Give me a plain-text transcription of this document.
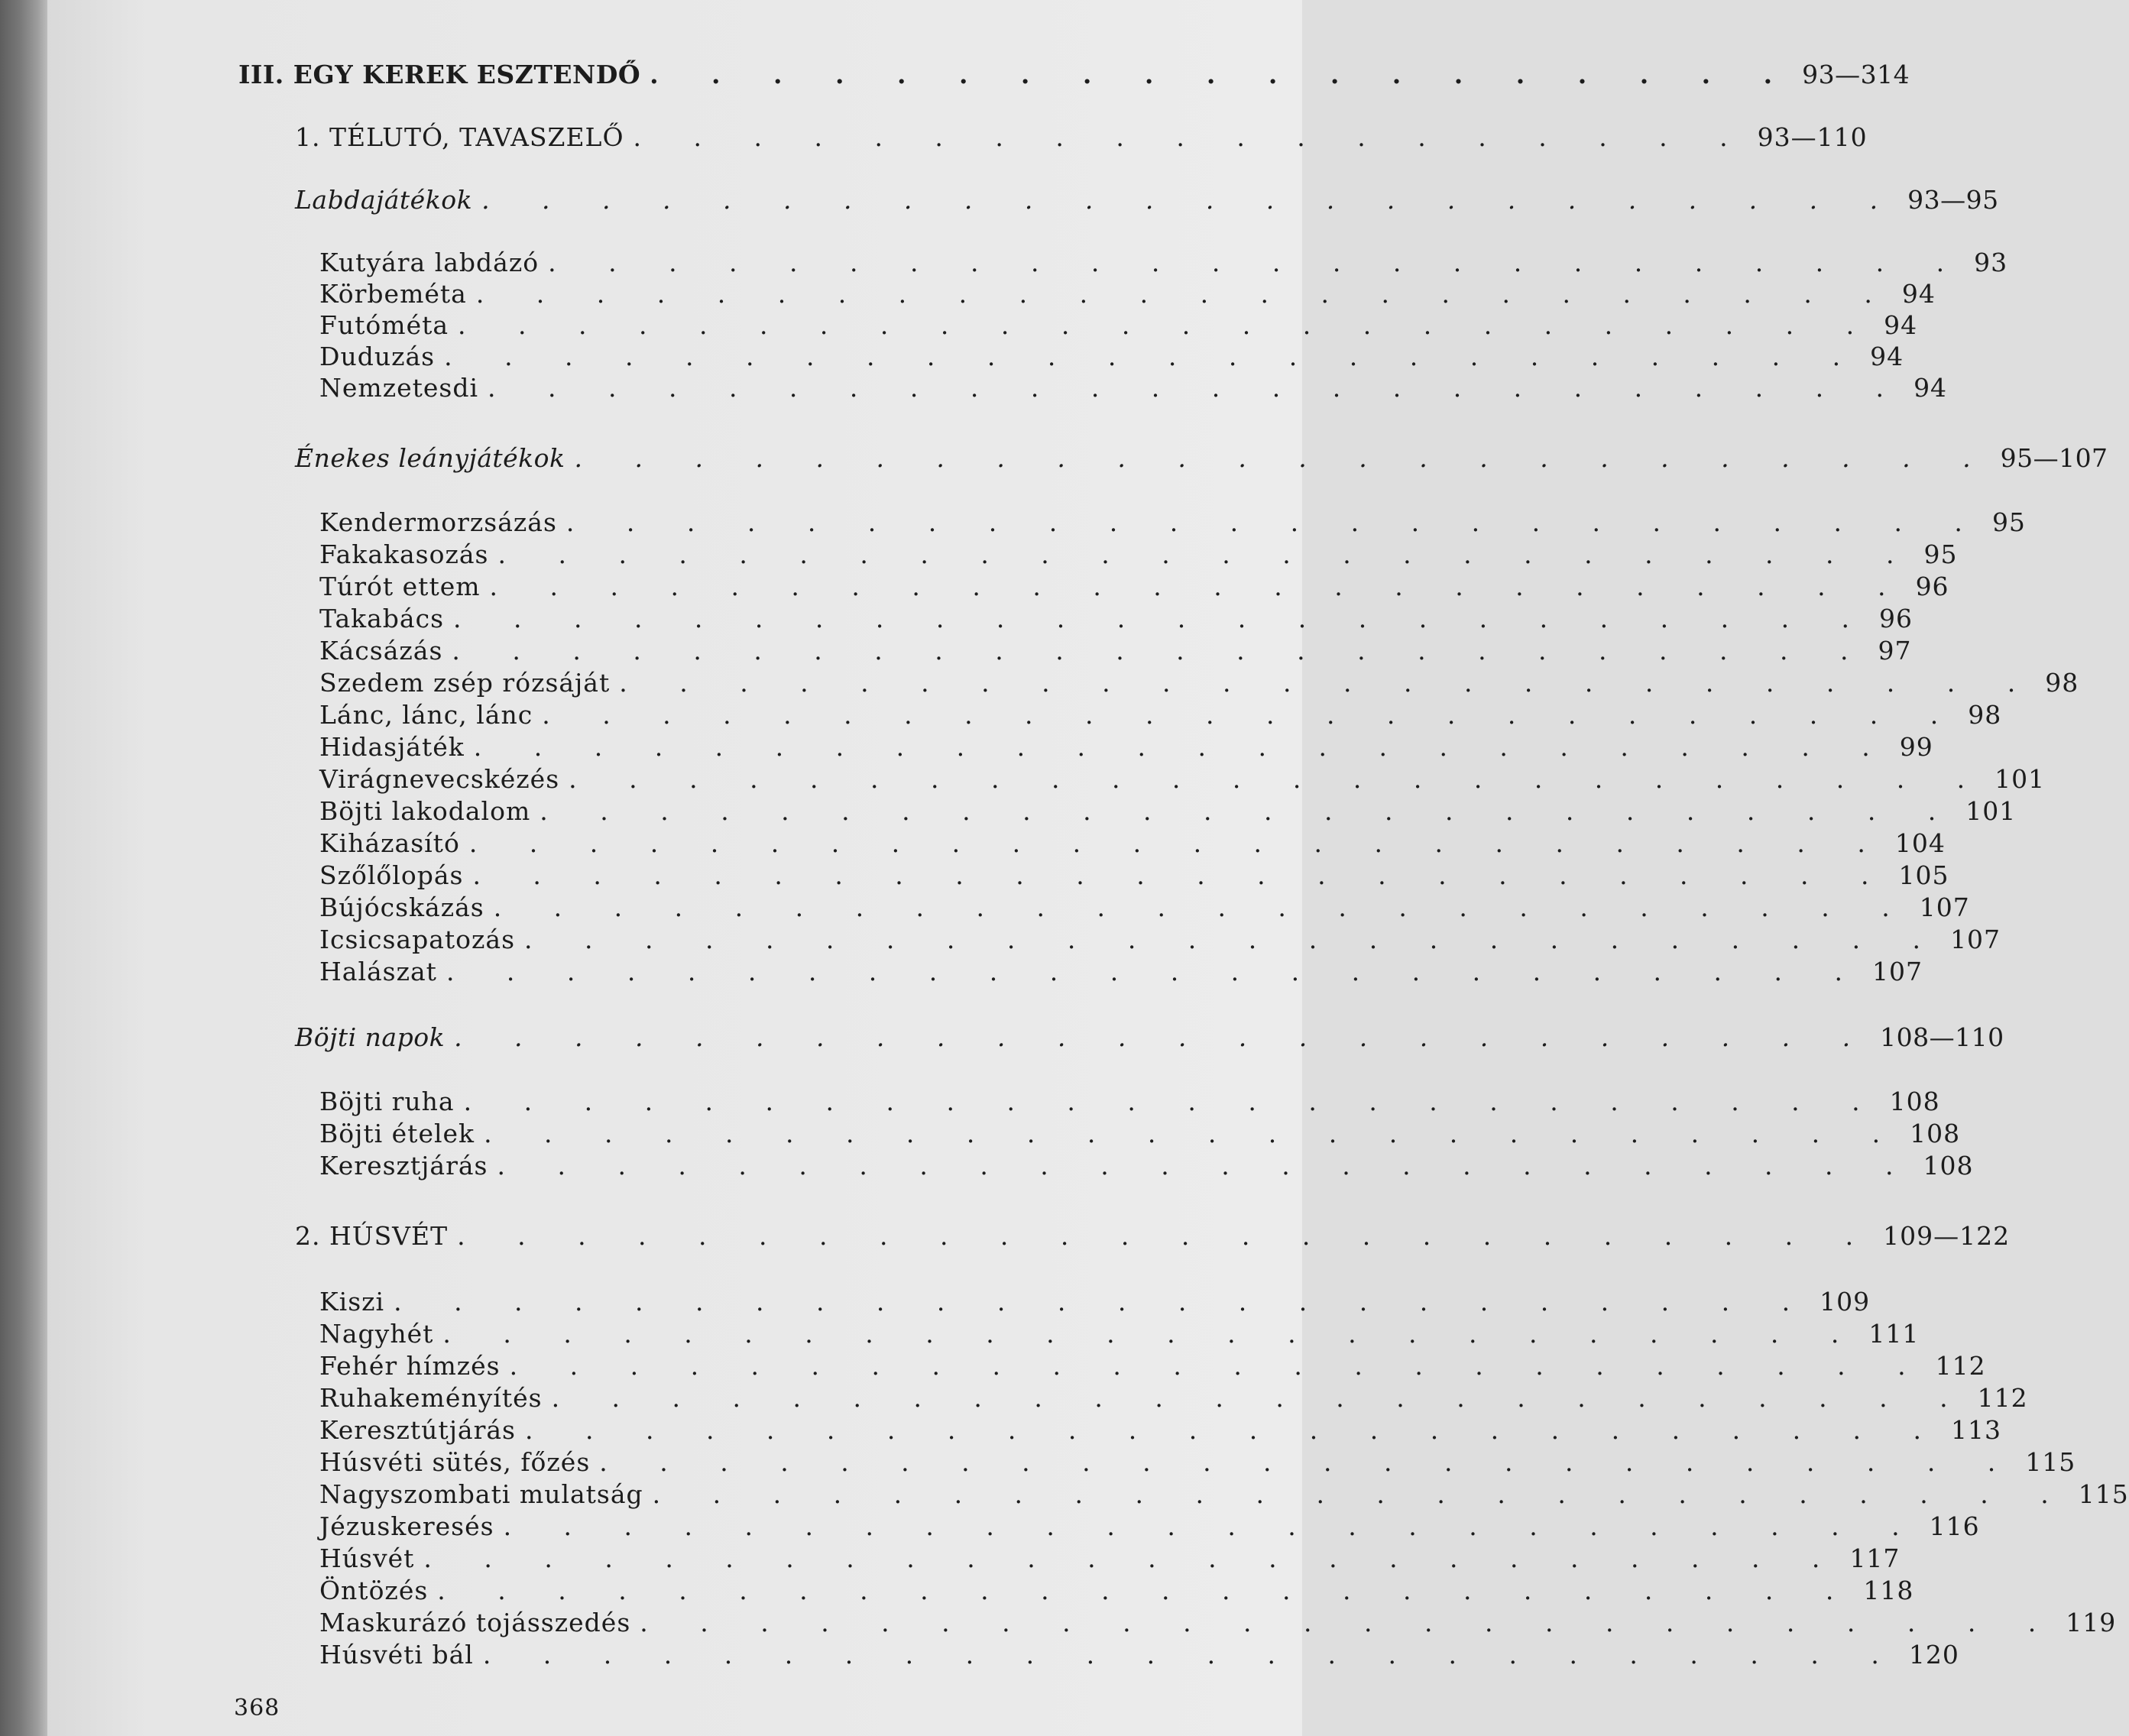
III. EGY KEREK ESZTENDŐ . . . . . . . . . . . . . . . . . . . 93—314
1. TÉLUTÓ, TAVASZELŐ . . . . . . . . . . . . . . . . . . . 93—110
Labdajátékok . . . . . . . . . . . . . . . . . . . . . . . . 93—95
Kutyára labdázó . . . . . . . . . . . . . . . . . . . . . . . . 93
Körbeméta . . . . . . . . . . . . . . . . . . . . . . . . 94
Futóméta . . . . . . . . . . . . . . . . . . . . . . . . 94
Duduzás . . . . . . . . . . . . . . . . . . . . . . . . 94
Nemzetesdi . . . . . . . . . . . . . . . . . . . . . . . . 94
Énekes leányjátékok . . . . . . . . . . . . . . . . . . . . . . . . 95—107
Kendermorzsázás . . . . . . . . . . . . . . . . . . . . . . . . 95
Fakakasozás . . . . . . . . . . . . . . . . . . . . . . . . 95
Túrót ettem . . . . . . . . . . . . . . . . . . . . . . . . 96
Takabács . . . . . . . . . . . . . . . . . . . . . . . . 96
Kácsázás . . . . . . . . . . . . . . . . . . . . . . . . 97
Szedem zsép rózsáját . . . . . . . . . . . . . . . . . . . . . . . . 98
Lánc, lánc, lánc . . . . . . . . . . . . . . . . . . . . . . . . 98
Hidasjáték . . . . . . . . . . . . . . . . . . . . . . . . 99
Virágnevecskézés . . . . . . . . . . . . . . . . . . . . . . . . 101
Böjti lakodalom . . . . . . . . . . . . . . . . . . . . . . . . 101
Kiházasító . . . . . . . . . . . . . . . . . . . . . . . . 104
Szőlőlopás . . . . . . . . . . . . . . . . . . . . . . . . 105
Bújócskázás . . . . . . . . . . . . . . . . . . . . . . . . 107
Icsicsapatozás . . . . . . . . . . . . . . . . . . . . . . . . 107
Halászat . . . . . . . . . . . . . . . . . . . . . . . . 107
Böjti napok . . . . . . . . . . . . . . . . . . . . . . . . 108—110
Böjti ruha . . . . . . . . . . . . . . . . . . . . . . . . 108
Böjti ételek . . . . . . . . . . . . . . . . . . . . . . . . 108
Keresztjárás . . . . . . . . . . . . . . . . . . . . . . . . 108
2. HÚSVÉT . . . . . . . . . . . . . . . . . . . . . . . . 109—122
Kiszi . . . . . . . . . . . . . . . . . . . . . . . . 109
Nagyhét . . . . . . . . . . . . . . . . . . . . . . . . 111
Fehér hímzés . . . . . . . . . . . . . . . . . . . . . . . . 112
Ruhakeményítés . . . . . . . . . . . . . . . . . . . . . . . . 112
Keresztútjárás . . . . . . . . . . . . . . . . . . . . . . . . 113
Húsvéti sütés, főzés . . . . . . . . . . . . . . . . . . . . . . . . 115
Nagyszombati mulatság . . . . . . . . . . . . . . . . . . . . . . . . 115
Jézuskeresés . . . . . . . . . . . . . . . . . . . . . . . . 116
Húsvét . . . . . . . . . . . . . . . . . . . . . . . . 117
Öntözés . . . . . . . . . . . . . . . . . . . . . . . . 118
Maskurázó tojásszedés . . . . . . . . . . . . . . . . . . . . . . . . 119
Húsvéti bál . . . . . . . . . . . . . . . . . . . . . . . . 120
368
